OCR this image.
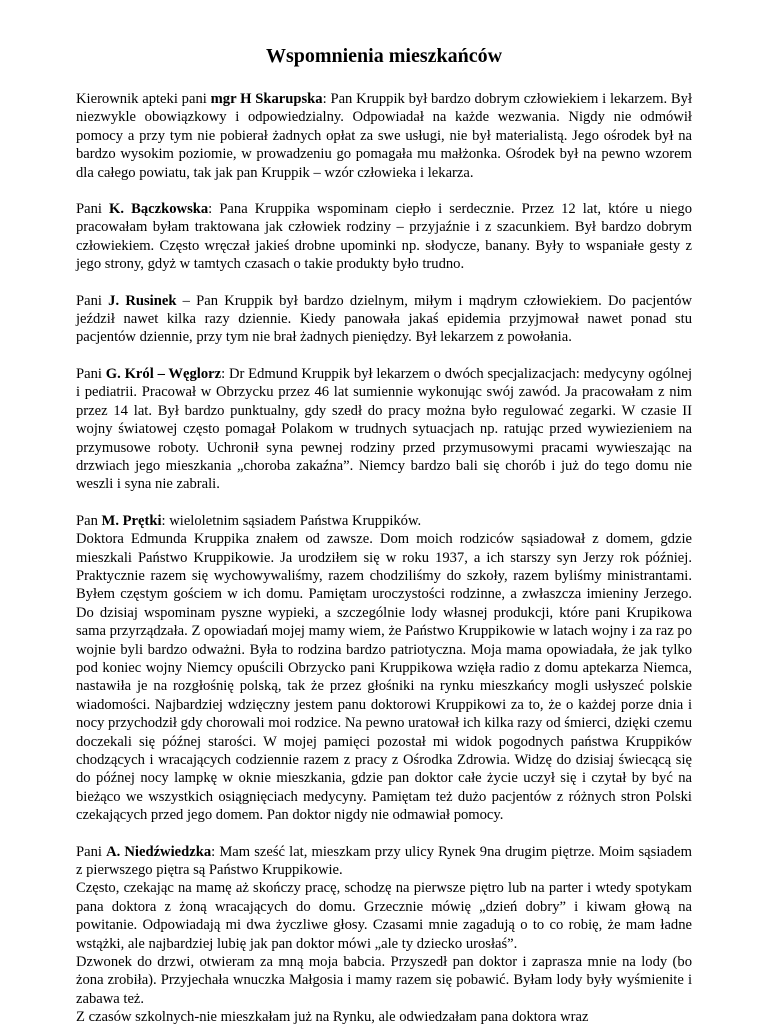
Wspomnienia mieszkańców

Kierownik apteki pani mgr H Skarupska: Pan Kruppik był bardzo dobrym człowiekiem i lekarzem. Był niezwykle obowiązkowy i odpowiedzialny. Odpowiadał na każde wezwania. Nigdy nie odmówił pomocy a przy tym nie pobierał żadnych opłat za swe usługi, nie był materialistą. Jego ośrodek był na bardzo wysokim poziomie, w prowadzeniu go pomagała mu małżonka. Ośrodek był na pewno wzorem dla całego powiatu, tak jak pan Kruppik – wzór człowieka i lekarza.

Pani K. Bączkowska: Pana Kruppika wspominam ciepło i serdecznie. Przez 12 lat, które u niego pracowałam byłam traktowana jak człowiek rodziny – przyjaźnie i z szacunkiem. Był bardzo dobrym człowiekiem. Często wręczał jakieś drobne upominki np. słodycze, banany. Były to wspaniałe gesty z jego strony, gdyż w tamtych czasach o takie produkty było trudno.

Pani J. Rusinek – Pan Kruppik był bardzo dzielnym, miłym i mądrym człowiekiem. Do pacjentów jeździł nawet kilka razy dziennie. Kiedy panowała jakaś epidemia przyjmował nawet ponad stu pacjentów dziennie, przy tym nie brał żadnych pieniędzy. Był lekarzem z powołania.

Pani G. Król – Węglorz: Dr Edmund Kruppik był lekarzem o dwóch specjalizacjach: medycyny ogólnej i pediatrii. Pracował w Obrzycku przez 46 lat sumiennie wykonując swój zawód. Ja pracowałam z nim przez 14 lat. Był bardzo punktualny, gdy szedł do pracy można było regulować zegarki. W czasie II wojny światowej często pomagał Polakom w trudnych sytuacjach np. ratując przed wywiezieniem na przymusowe roboty. Uchronił syna pewnej rodziny przed przymusowymi pracami wywieszając na drzwiach jego mieszkania „choroba zakaźna”. Niemcy bardzo bali się chorób i już do tego domu nie weszli i syna nie zabrali.

Pan M. Prętki: wieloletnim sąsiadem Państwa Kruppików.

Doktora Edmunda Kruppika znałem od zawsze. Dom moich rodziców sąsiadował z domem, gdzie mieszkali Państwo Kruppikowie. Ja urodziłem się w roku 1937, a ich starszy syn Jerzy rok później. Praktycznie razem się wychowywaliśmy, razem chodziliśmy do szkoły, razem byliśmy ministrantami. Byłem częstym gościem w ich domu. Pamiętam uroczystości rodzinne, a zwłaszcza imieniny Jerzego. Do dzisiaj wspominam pyszne wypieki, a szczególnie lody własnej produkcji, które pani Krupikowa sama przyrządzała. Z opowiadań mojej mamy wiem, że Państwo Kruppikowie w latach wojny i za raz po wojnie byli bardzo odważni. Była to rodzina bardzo patriotyczna. Moja mama opowiadała, że jak tylko pod koniec wojny Niemcy opuścili Obrzycko pani Kruppikowa wzięła radio z domu aptekarza Niemca, nastawiła je na rozgłośnię polską, tak że przez głośniki na rynku mieszkańcy mogli usłyszeć polskie wiadomości. Najbardziej wdzięczny jestem panu doktorowi Kruppikowi za to, że o każdej porze dnia i nocy przychodził gdy chorowali moi rodzice. Na pewno uratował ich kilka razy od śmierci, dzięki czemu doczekali się późnej starości. W mojej pamięci pozostał mi widok pogodnych państwa Kruppików chodzących i wracających codziennie razem z pracy z Ośrodka Zdrowia. Widzę do dzisiaj świecącą się do późnej nocy lampkę w oknie mieszkania, gdzie pan doktor całe życie uczył się i czytał by być na bieżąco we wszystkich osiągnięciach medycyny. Pamiętam też dużo pacjentów z różnych stron Polski czekających przed jego domem. Pan doktor nigdy nie odmawiał pomocy.

Pani A. Niedźwiedzka: Mam sześć lat, mieszkam przy ulicy Rynek 9na drugim piętrze. Moim sąsiadem z pierwszego piętra są Państwo Kruppikowie.

Często, czekając na mamę aż skończy pracę, schodzę na pierwsze piętro lub na parter i wtedy spotykam pana doktora z żoną wracających do domu. Grzecznie mówię „dzień dobry” i kiwam głową na powitanie. Odpowiadają mi dwa życzliwe głosy. Czasami mnie zagadują o to co robię, że mam ładne wstążki, ale najbardziej lubię jak pan doktor mówi „ale ty dziecko urosłaś”.

Dzwonek do drzwi, otwieram za mną moja babcia. Przyszedł pan doktor i zaprasza mnie na lody (bo żona zrobiła). Przyjechała wnuczka Małgosia i mamy razem się pobawić. Byłam lody były wyśmienite i zabawa też.

Z czasów szkolnych-nie mieszkałam już na Rynku, ale odwiedzałam pana doktora wraz
